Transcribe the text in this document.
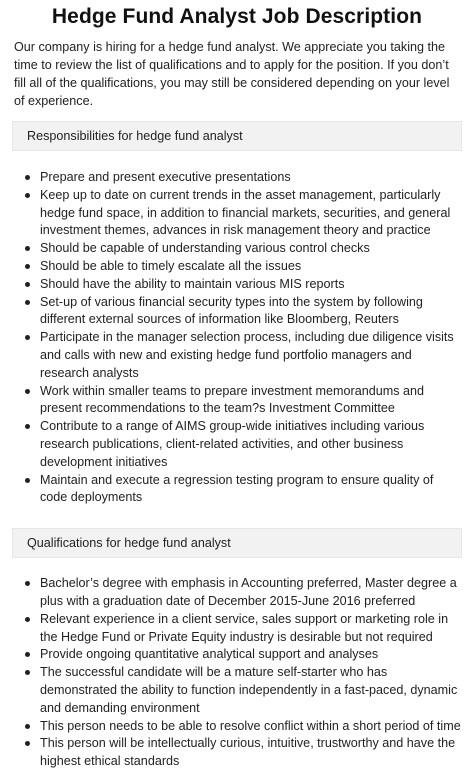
Hedge Fund Analyst Job Description

Our company is hiring for a hedge fund analyst. We appreciate you taking the time to review the list of qualifications and to apply for the position. If you don’t fill all of the qualifications, you may still be considered depending on your level of experience.

Responsibilities for hedge fund analyst
Prepare and present executive presentations
Keep up to date on current trends in the asset management, particularly hedge fund space, in addition to financial markets, securities, and general investment themes, advances in risk management theory and practice
Should be capable of understanding various control checks
Should be able to timely escalate all the issues
Should have the ability to maintain various MIS reports
Set-up of various financial security types into the system by following different external sources of information like Bloomberg, Reuters
Participate in the manager selection process, including due diligence visits and calls with new and existing hedge fund portfolio managers and research analysts
Work within smaller teams to prepare investment memorandums and present recommendations to the team?s Investment Committee
Contribute to a range of AIMS group-wide initiatives including various research publications, client-related activities, and other business development initiatives
Maintain and execute a regression testing program to ensure quality of code deployments
Qualifications for hedge fund analyst
Bachelor’s degree with emphasis in Accounting preferred, Master degree a plus with a graduation date of December 2015-June 2016 preferred
Relevant experience in a client service, sales support or marketing role in the Hedge Fund or Private Equity industry is desirable but not required
Provide ongoing quantitative analytical support and analyses
The successful candidate will be a mature self-starter who has demonstrated the ability to function independently in a fast-paced, dynamic and demanding environment
This person needs to be able to resolve conflict within a short period of time
This person will be intellectually curious, intuitive, trustworthy and have the highest ethical standards
